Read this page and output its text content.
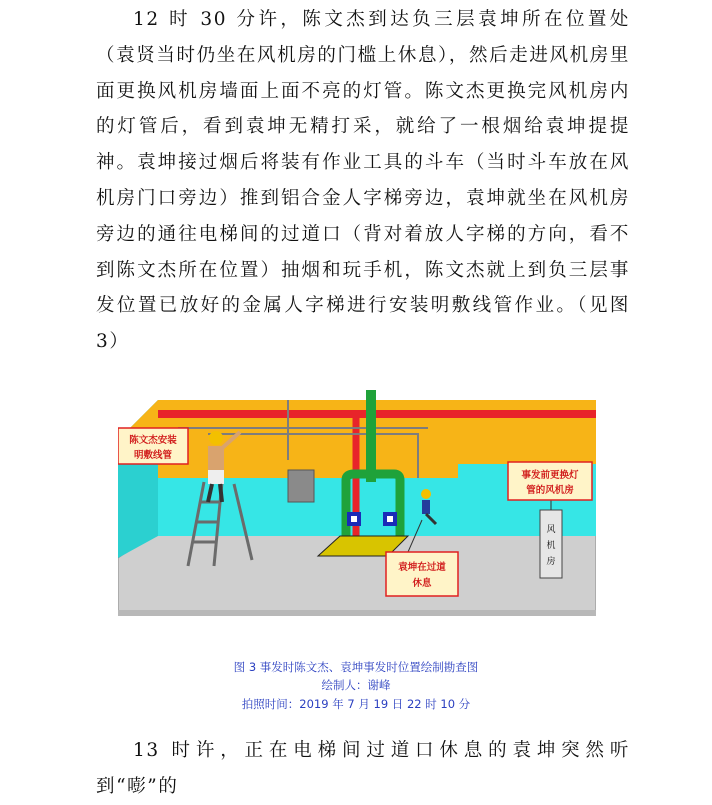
12 时 30 分许，陈文杰到达负三层袁坤所在位置处（袁贤当时仍坐在风机房的门槛上休息），然后走进风机房里面更换风机房墙面上面不亮的灯管。陈文杰更换完风机房内的灯管后，看到袁坤无精打采，就给了一根烟给袁坤提提神。袁坤接过烟后将装有作业工具的斗车（当时斗车放在风机房门口旁边）推到铝合金人字梯旁边，袁坤就坐在风机房旁边的通往电梯间的过道口（背对着放人字梯的方向，看不到陈文杰所在位置）抽烟和玩手机，陈文杰就上到负三层事发位置已放好的金属人字梯进行安装明敷线管作业。（见图 3）

风
机
房
陈文杰安装
明敷线管
袁坤在过道
休息
事发前更换灯
管的风机房
图 3 事发时陈文杰、袁坤事发时位置绘制勘查图
绘制人：谢峰
拍照时间：2019 年 7 月 19 日 22 时 10 分

13 时许，正在电梯间过道口休息的袁坤突然听到“嘭”的
